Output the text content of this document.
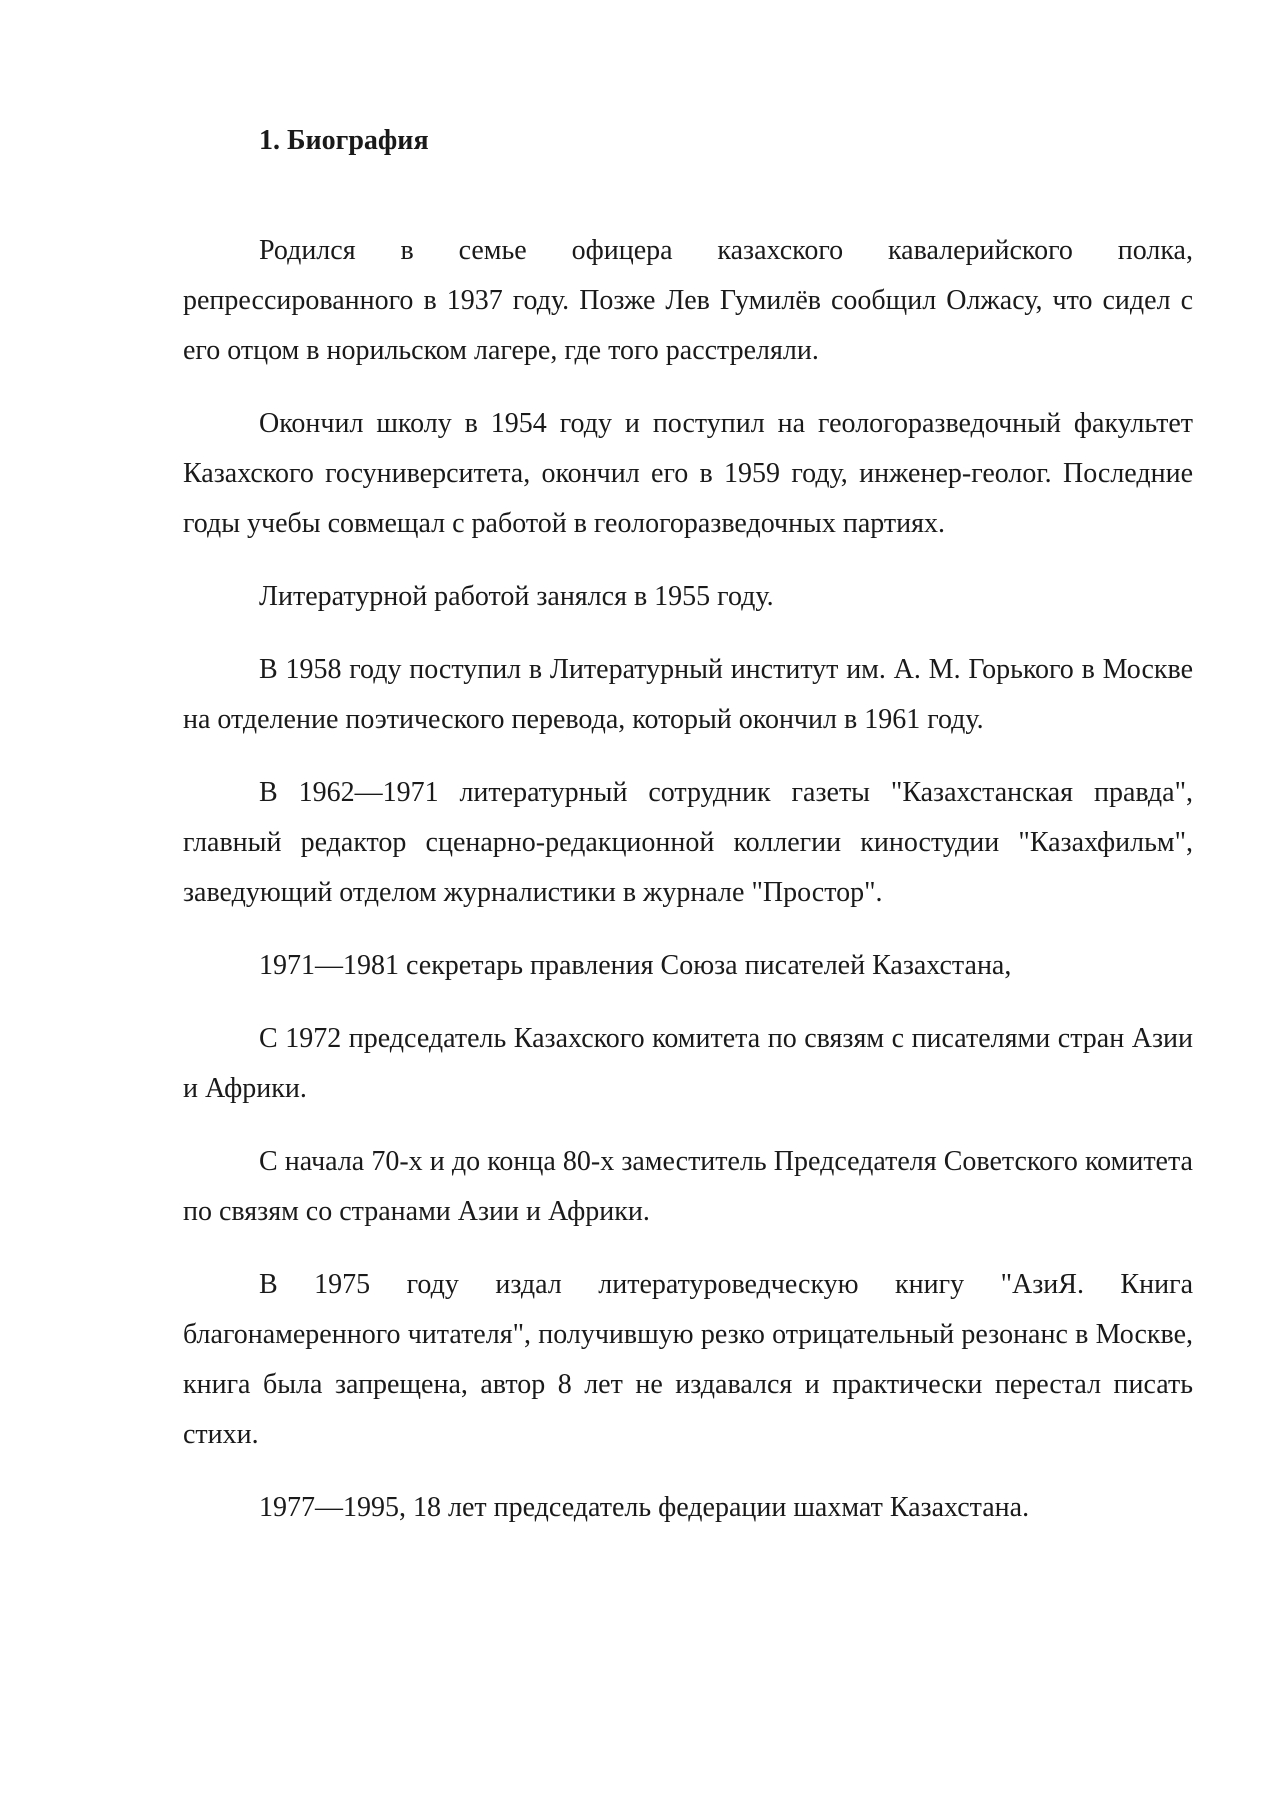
1. Биография

Родился в семье офицера казахского кавалерийского полка, репрессированного в 1937 году. Позже Лев Гумилёв сообщил Олжасу, что сидел с его отцом в норильском лагере, где того расстреляли.

Окончил школу в 1954 году и поступил на геологоразведочный факультет Казахского госуниверситета, окончил его в 1959 году, инженер-геолог. Последние годы учебы совмещал с работой в геологоразведочных партиях.

Литературной работой занялся в 1955 году.

В 1958 году поступил в Литературный институт им. А. М. Горького в Москве на отделение поэтического перевода, который окончил в 1961 году.

В 1962—1971 литературный сотрудник газеты "Казахстанская правда", главный редактор сценарно-редакционной коллегии киностудии "Казахфильм", заведующий отделом журналистики в журнале "Простор".

1971—1981 секретарь правления Союза писателей Казахстана,

С 1972 председатель Казахского комитета по связям с писателями стран Азии и Африки.

С начала 70-х и до конца 80-х заместитель Председателя Советского комитета по связям со странами Азии и Африки.

В 1975 году издал литературоведческую книгу "АзиЯ. Книга благонамеренного читателя", получившую резко отрицательный резонанс в Москве, книга была запрещена, автор 8 лет не издавался и практически перестал писать стихи.

1977—1995, 18 лет председатель федерации шахмат Казахстана.
